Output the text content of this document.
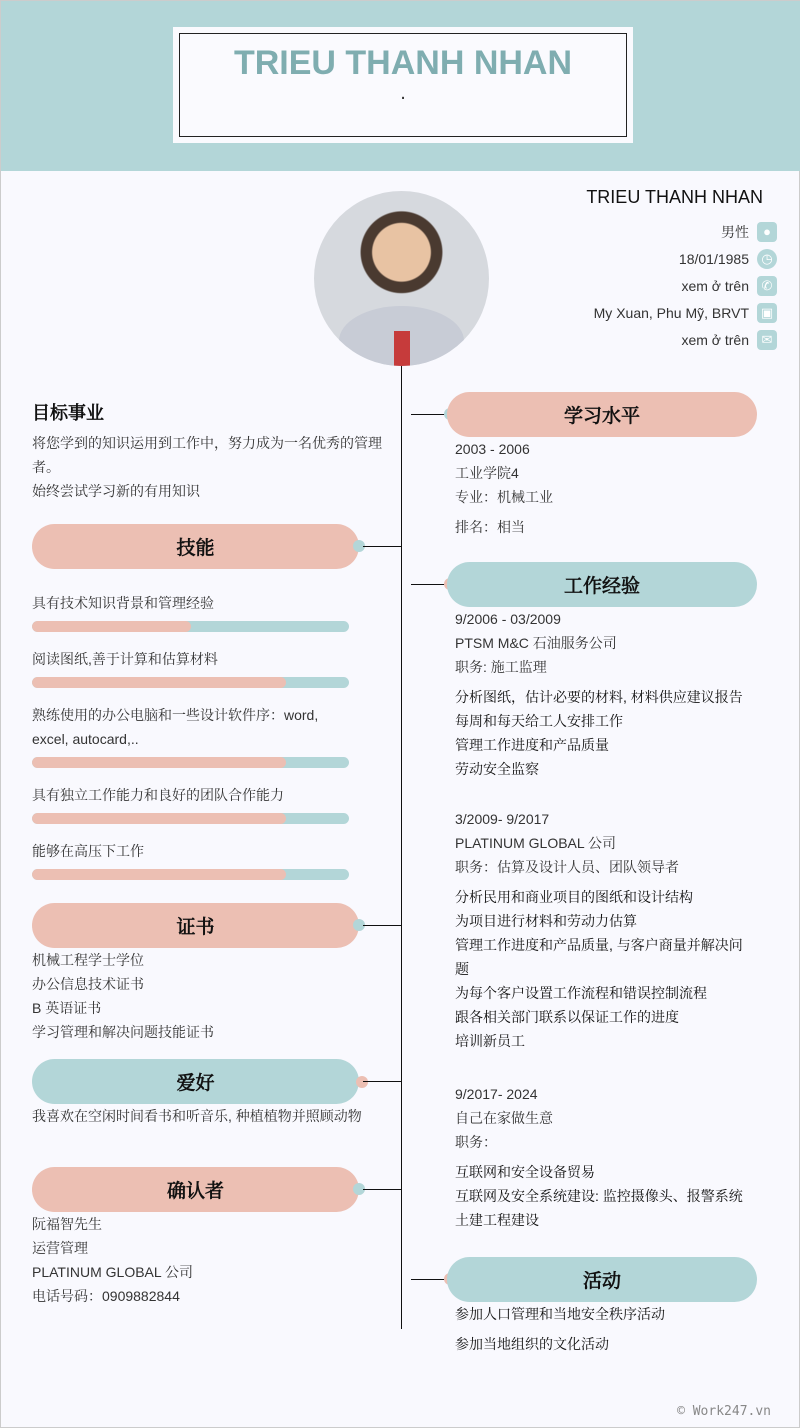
TRIEU THANH NHAN
.
TRIEU THANH NHAN
男性	●
18/01/1985 ◷
xem ở trên ✆
My Xuan, Phu Mỹ, BRVT ▣
xem ở trên ✉
目标事业
将您学到的知识运用到工作中，努力成为一名优秀的管理者。
始终尝试学习新的有用知识
技能
具有技术知识背景和管理经验
阅读图纸,善于计算和估算材料
熟练使用的办公电脑和一些设计软件序：word, excel, autocard,..
具有独立工作能力和良好的团队合作能力
能够在高压下工作
证书
机械工程学士学位
办公信息技术证书
B 英语证书
学习管理和解决问题技能证书
爱好
我喜欢在空闲时间看书和听音乐, 种植植物并照顾动物
确认者
阮福智先生
运营管理
PLATINUM GLOBAL 公司
电话号码：0909882844
学习水平
2003 - 2006
工业学院4
专业：机械工业
排名：相当
工作经验
9/2006 - 03/2009
PTSM M&C 石油服务公司
职务: 施工监理
分析图纸，估计必要的材料, 材料供应建议报告
每周和每天给工人安排工作
管理工作进度和产品质量
劳动安全监察
3/2009- 9/2017
PLATINUM GLOBAL 公司
职务：估算及设计人员、团队领导者
分析民用和商业项目的图纸和设计结构
为项目进行材料和劳动力估算
管理工作进度和产品质量, 与客户商量并解决问题
为每个客户设置工作流程和错误控制流程
跟各相关部门联系以保证工作的进度
培训新员工
9/2017- 2024
自己在家做生意
职务：
互联网和安全设备贸易
互联网及安全系统建设: 监控摄像头、报警系统
土建工程建设
活动
参加人口管理和当地安全秩序活动
参加当地组织的文化活动
© Work247.vn
